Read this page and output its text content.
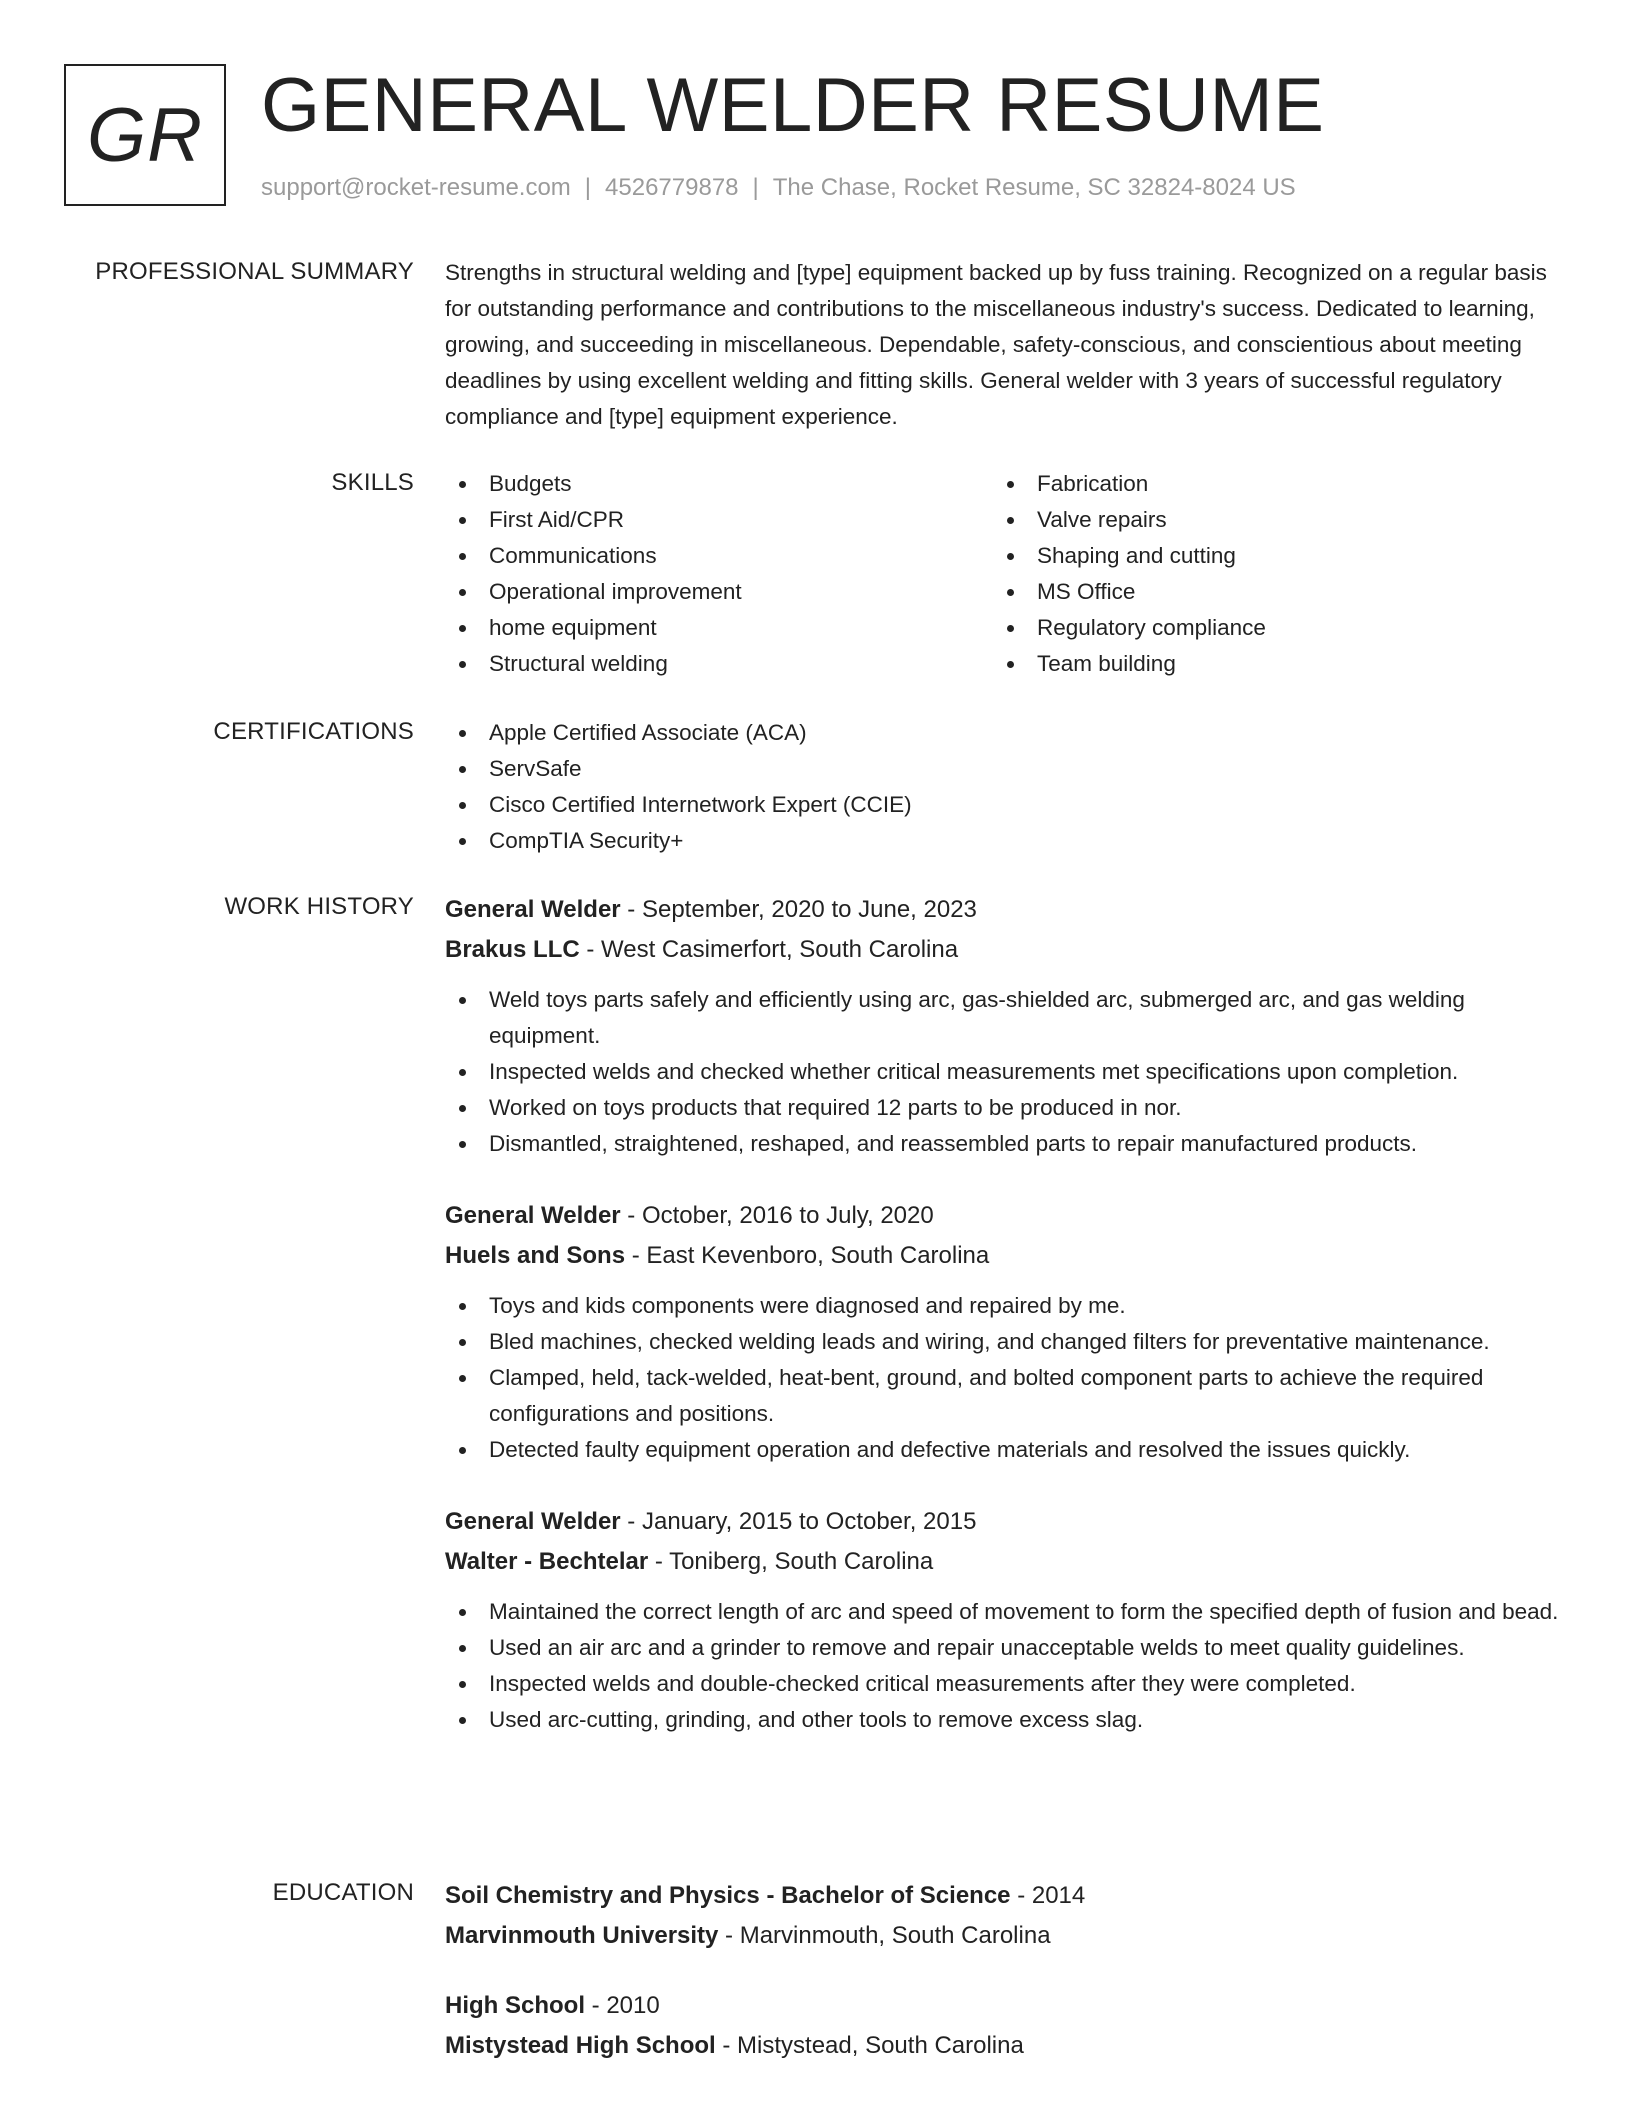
GR GENERAL WELDER RESUME
support@rocket-resume.com | 4526779878 | The Chase, Rocket Resume, SC 32824-8024 US
PROFESSIONAL SUMMARY Strengths in structural welding and [type] equipment backed up by fuss training. Recognized on a regular basis for outstanding performance and contributions to the miscellaneous industry's success. Dedicated to learning, growing, and succeeding in miscellaneous. Dependable, safety-conscious, and conscientious about meeting deadlines by using excellent welding and fitting skills. General welder with 3 years of successful regulatory compliance and [type] equipment experience.
SKILLS	Budgets
First Aid/CPR
Communications
Operational improvement
home equipment
Structural welding
Fabrication
Valve repairs
Shaping and cutting
MS Office
Regulatory compliance
Team building
CERTIFICATIONS	Apple Certified Associate (ACA)
ServSafe
Cisco Certified Internetwork Expert (CCIE)
CompTIA Security+
WORK HISTORY General Welder - September, 2020 to June, 2023
Brakus LLC - West Casimerfort, South Carolina
Weld toys parts safely and efficiently using arc, gas-shielded arc, submerged arc, and gas welding equipment.
Inspected welds and checked whether critical measurements met specifications upon completion.
Worked on toys products that required 12 parts to be produced in nor.
Dismantled, straightened, reshaped, and reassembled parts to repair manufactured products.
General Welder - October, 2016 to July, 2020
Huels and Sons - East Kevenboro, South Carolina
Toys and kids components were diagnosed and repaired by me.
Bled machines, checked welding leads and wiring, and changed filters for preventative maintenance.
Clamped, held, tack-welded, heat-bent, ground, and bolted component parts to achieve the required configurations and positions.
Detected faulty equipment operation and defective materials and resolved the issues quickly.
General Welder - January, 2015 to October, 2015
Walter - Bechtelar - Toniberg, South Carolina
Maintained the correct length of arc and speed of movement to form the specified depth of fusion and bead.
Used an air arc and a grinder to remove and repair unacceptable welds to meet quality guidelines.
Inspected welds and double-checked critical measurements after they were completed.
Used arc-cutting, grinding, and other tools to remove excess slag.
EDUCATION Soil Chemistry and Physics - Bachelor of Science - 2014
Marvinmouth University - Marvinmouth, South Carolina
High School - 2010
Mistystead High School - Mistystead, South Carolina
